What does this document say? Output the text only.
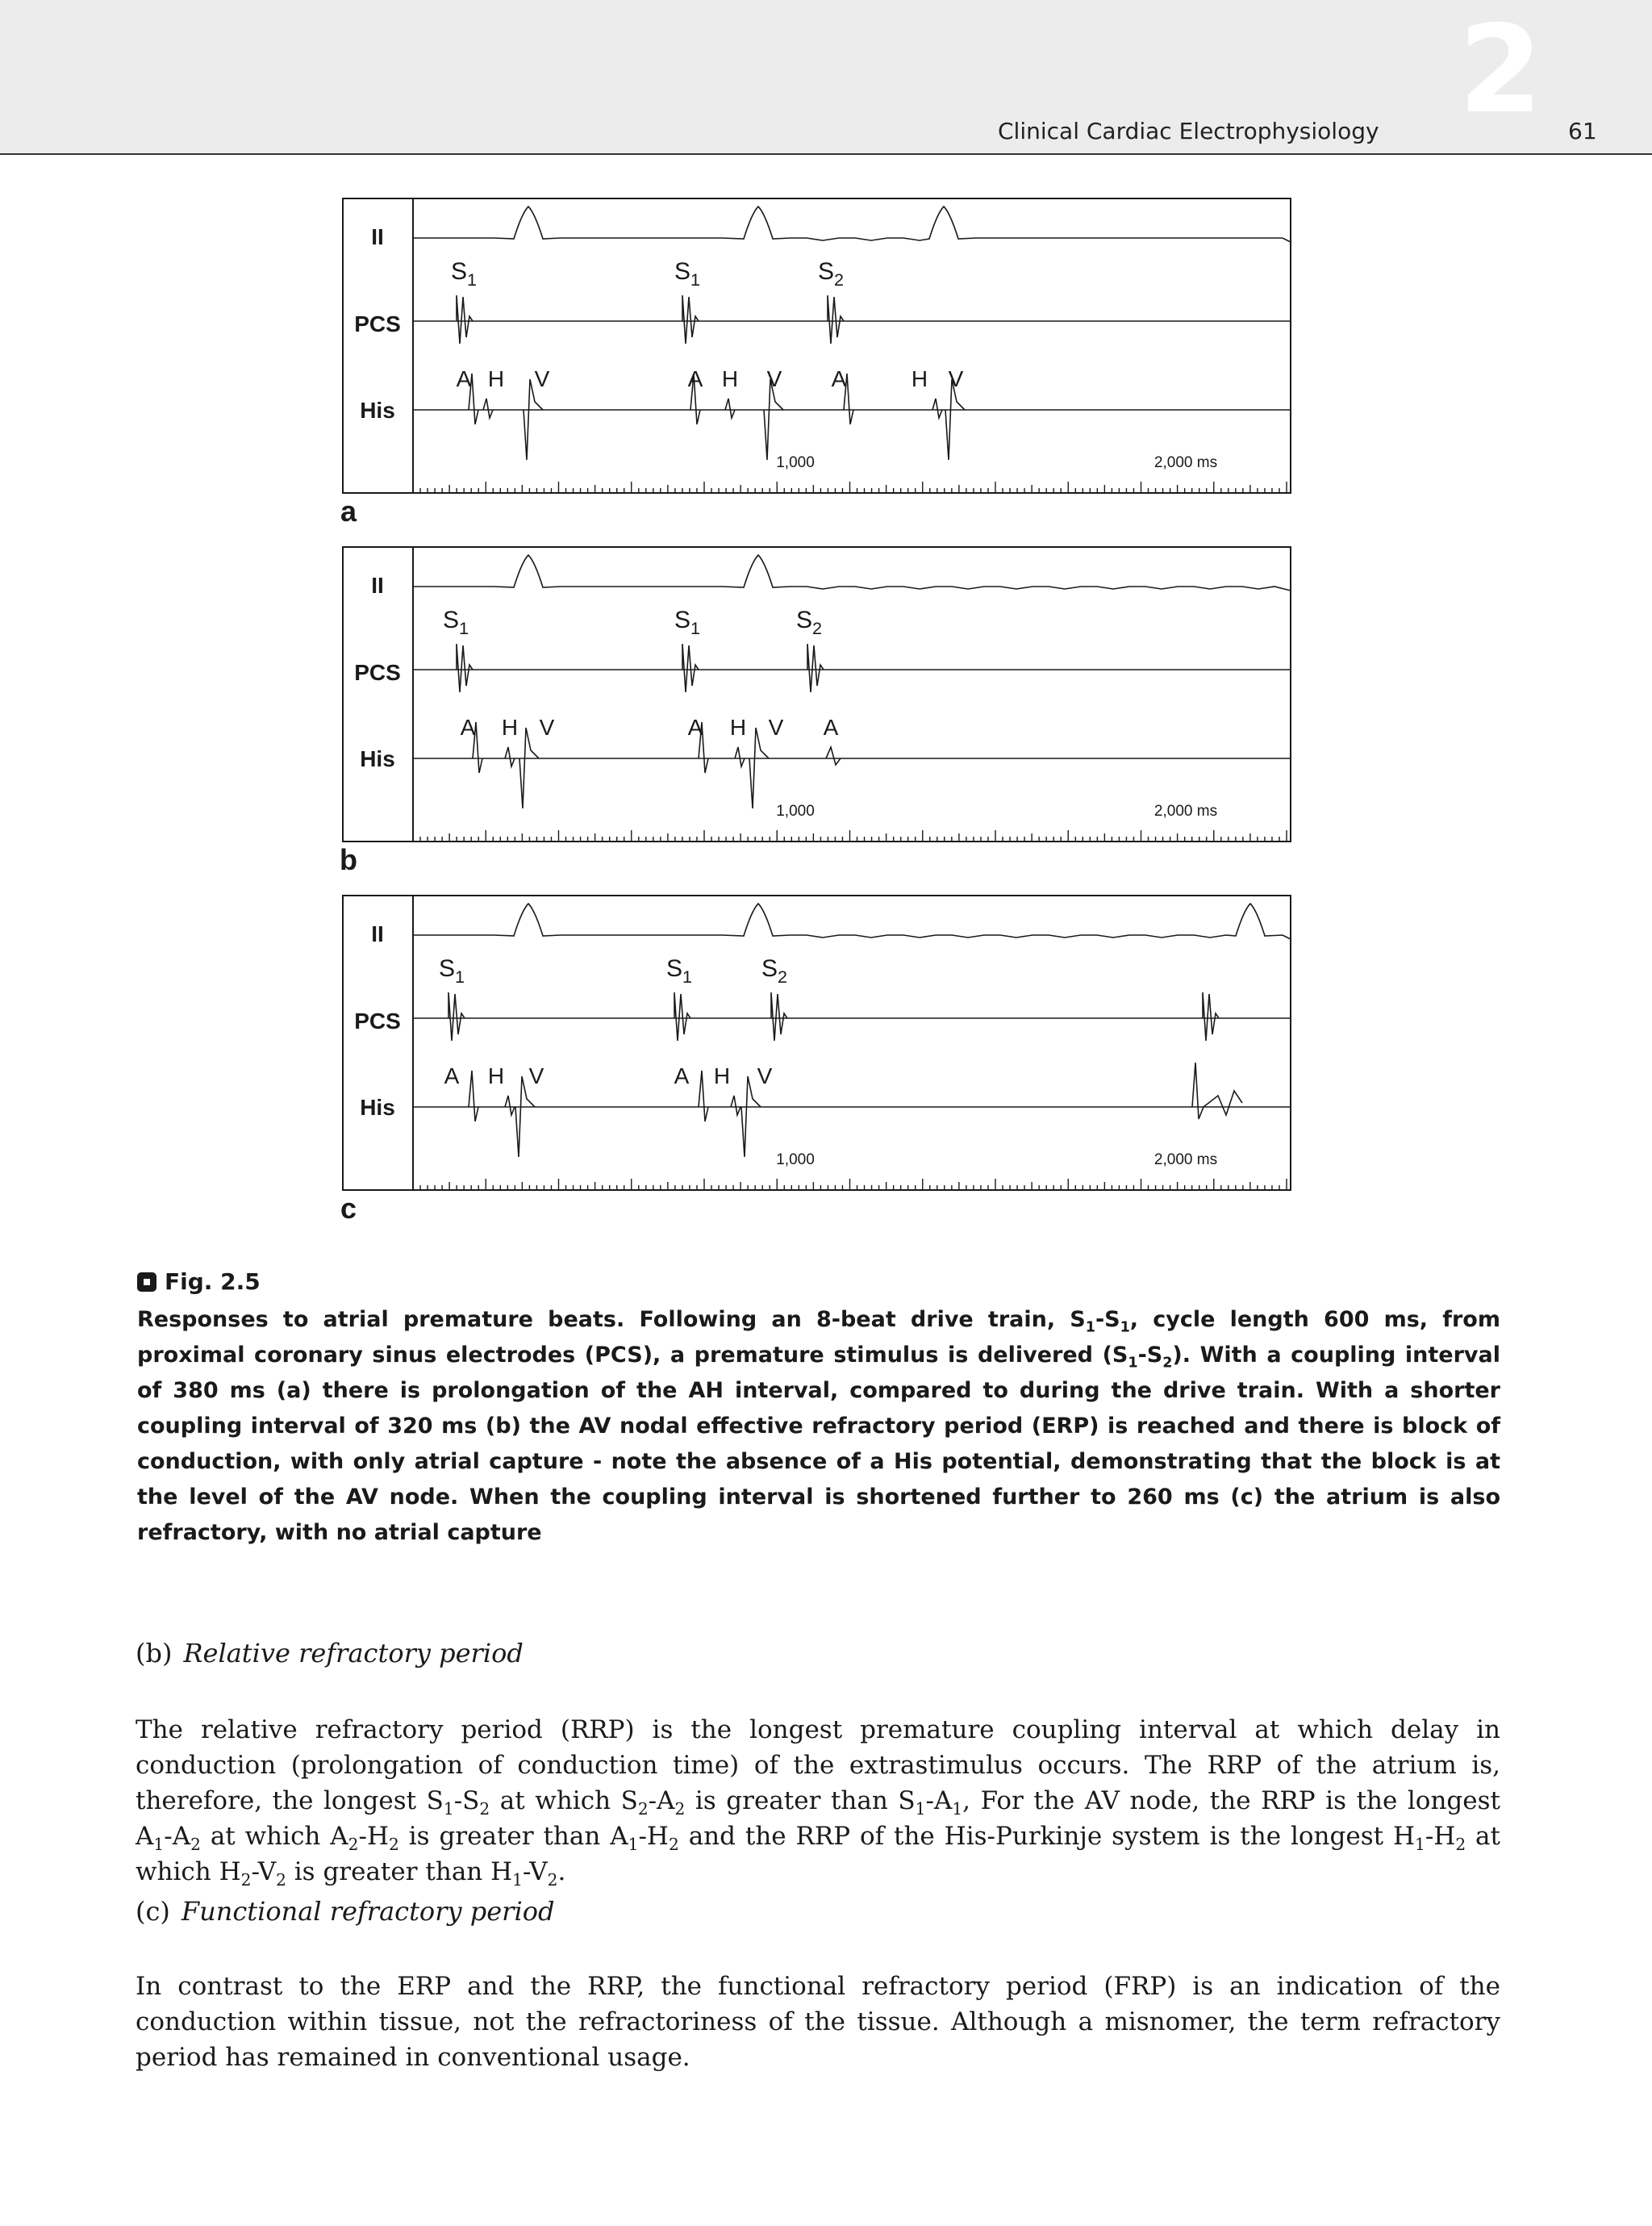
Clinical Cardiac Electrophysiology 2 61
II
PCS
His
$S_1$	$S_1$	$S_2$
A H V	A H V A	H V
1,000	2,000 ms
a
II
PCS
His
$S_1$	$S_1$	$S_2$
A H V	A H V A
1,000	2,000 ms
b
II
PCS
His
$S_1$	$S_1$	$S_2$
A H V	A H V
1,000	2,000 ms
c
Fig. 2.5
Responses to atrial premature beats. Following an 8-beat drive train, $S_1-S_1$, cycle length 600 ms, from proximal coronary sinus electrodes (PCS), a premature stimulus is delivered $(S_1-S_2)$. With a coupling interval of 380 ms (a) there is prolongation of the AH interval, compared to during the drive train. With a shorter coupling interval of 320 ms (b) the AV nodal effective refractory period (ERP) is reached and there is block of conduction, with only atrial capture - note the absence of a His potential, demonstrating that the block is at the level of the AV node. When the coupling interval is shortened further to 260 ms (c) the atrium is also refractory, with no atrial capture
(b) Relative refractory period
The relative refractory period (RRP) is the longest premature coupling interval at which delay in conduction (prolongation of conduction time) of the extrastimulus occurs. The RRP of the atrium is, therefore, the longest $S_1-S_2$ at which $S_2-A_2$ is greater than $S_1-A_1$, For the AV node, the RRP is the longest $A_1-A_2$ at which $A_2-H_2$ is greater than $A_1-H_2$ and the RRP of the His-Purkinje system is the longest $H_1-H_2$ at which $H_2-V_2$ is greater than $H_1-V_2$.
(c) Functional refractory period
In contrast to the ERP and the RRP, the functional refractory period (FRP) is an indication of the conduction within tissue, not the refractoriness of the tissue. Although a misnomer, the term refractory period has remained in conventional usage.
